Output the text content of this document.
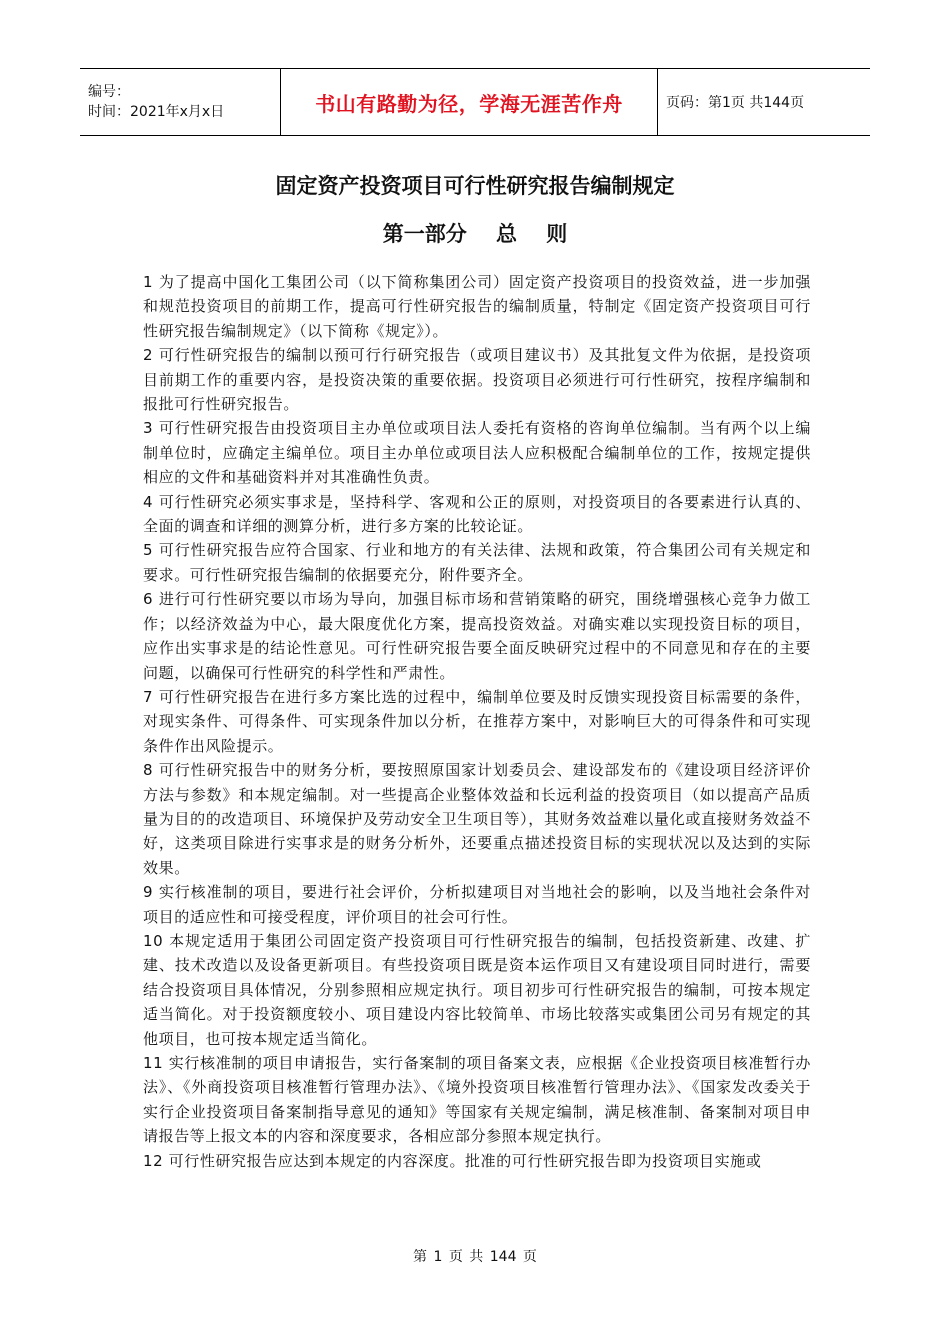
编号：
时间：2021年x月x日	书山有路勤为径，学海无涯苦作舟	页码：第1页 共144页
固定资产投资项目可行性研究报告编制规定
第一部分    总    则

1 为了提高中国化工集团公司（以下简称集团公司）固定资产投资项目的投资效益，进一步加强和规范投资项目的前期工作，提高可行性研究报告的编制质量，特制定《固定资产投资项目可行性研究报告编制规定》（以下简称《规定》）。

2 可行性研究报告的编制以预可行行研究报告（或项目建议书）及其批复文件为依据，是投资项目前期工作的重要内容，是投资决策的重要依据。投资项目必须进行可行性研究，按程序编制和报批可行性研究报告。

3 可行性研究报告由投资项目主办单位或项目法人委托有资格的咨询单位编制。当有两个以上编制单位时，应确定主编单位。项目主办单位或项目法人应积极配合编制单位的工作，按规定提供相应的文件和基础资料并对其准确性负责。

4 可行性研究必须实事求是，坚持科学、客观和公正的原则，对投资项目的各要素进行认真的、全面的调查和详细的测算分析，进行多方案的比较论证。

5 可行性研究报告应符合国家、行业和地方的有关法律、法规和政策，符合集团公司有关规定和要求。可行性研究报告编制的依据要充分，附件要齐全。

6 进行可行性研究要以市场为导向，加强目标市场和营销策略的研究，围绕增强核心竞争力做工作；以经济效益为中心，最大限度优化方案，提高投资效益。对确实难以实现投资目标的项目，应作出实事求是的结论性意见。可行性研究报告要全面反映研究过程中的不同意见和存在的主要问题，以确保可行性研究的科学性和严肃性。

7 可行性研究报告在进行多方案比选的过程中，编制单位要及时反馈实现投资目标需要的条件，对现实条件、可得条件、可实现条件加以分析，在推荐方案中，对影响巨大的可得条件和可实现条件作出风险提示。

8 可行性研究报告中的财务分析，要按照原国家计划委员会、建设部发布的《建设项目经济评价方法与参数》和本规定编制。对一些提高企业整体效益和长远利益的投资项目（如以提高产品质量为目的的改造项目、环境保护及劳动安全卫生项目等），其财务效益难以量化或直接财务效益不好，这类项目除进行实事求是的财务分析外，还要重点描述投资目标的实现状况以及达到的实际效果。

9 实行核准制的项目，要进行社会评价，分析拟建项目对当地社会的影响，以及当地社会条件对项目的适应性和可接受程度，评价项目的社会可行性。

10 本规定适用于集团公司固定资产投资项目可行性研究报告的编制，包括投资新建、改建、扩建、技术改造以及设备更新项目。有些投资项目既是资本运作项目又有建设项目同时进行，需要结合投资项目具体情况，分别参照相应规定执行。项目初步可行性研究报告的编制，可按本规定适当简化。对于投资额度较小、项目建设内容比较简单、市场比较落实或集团公司另有规定的其他项目，也可按本规定适当简化。

11 实行核准制的项目申请报告，实行备案制的项目备案文表，应根据《企业投资项目核准暂行办法》、《外商投资项目核准暂行管理办法》、《境外投资项目核准暂行管理办法》、《国家发改委关于实行企业投资项目备案制指导意见的通知》等国家有关规定编制，满足核准制、备案制对项目申请报告等上报文本的内容和深度要求，各相应部分参照本规定执行。

12 可行性研究报告应达到本规定的内容深度。批准的可行性研究报告即为投资项目实施或

第 1 页 共 144 页
